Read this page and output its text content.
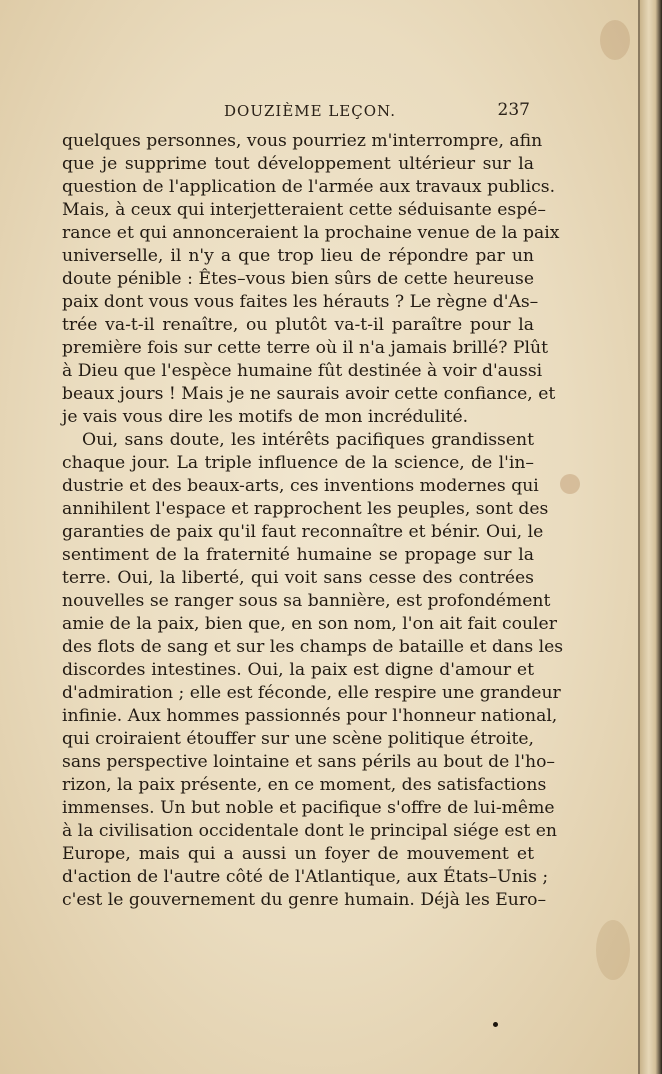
DOUZIÈME LEÇON.	237
quelques personnes, vous pourriez m'interrompre, afin
que je supprime tout développement ultérieur sur la
question de l'application de l'armée aux travaux publics.
Mais, à ceux qui interjetteraient cette séduisante espé–
rance et qui annonceraient la prochaine venue de la paix
universelle, il n'y a que trop lieu de répondre par un
doute pénible : Êtes–vous bien sûrs de cette heureuse
paix dont vous vous faites les hérauts ? Le règne d'As–
trée va-t-il renaître, ou plutôt va-t-il paraître pour la
première fois sur cette terre où il n'a jamais brillé? Plût
à Dieu que l'espèce humaine fût destinée à voir d'aussi
beaux jours ! Mais je ne saurais avoir cette confiance, et
je vais vous dire les motifs de mon incrédulité.
Oui, sans doute, les intérêts pacifiques grandissent
chaque jour. La triple influence de la science, de l'in–
dustrie et des beaux-arts, ces inventions modernes qui
annihilent l'espace et rapprochent les peuples, sont des
garanties de paix qu'il faut reconnaître et bénir. Oui, le
sentiment de la fraternité humaine se propage sur la
terre. Oui, la liberté, qui voit sans cesse des contrées
nouvelles se ranger sous sa bannière, est profondément
amie de la paix, bien que, en son nom, l'on ait fait couler
des flots de sang et sur les champs de bataille et dans les
discordes intestines. Oui, la paix est digne d'amour et
d'admiration ; elle est féconde, elle respire une grandeur
infinie. Aux hommes passionnés pour l'honneur national,
qui croiraient étouffer sur une scène politique étroite,
sans perspective lointaine et sans périls au bout de l'ho–
rizon, la paix présente, en ce moment, des satisfactions
immenses. Un but noble et pacifique s'offre de lui-même
à la civilisation occidentale dont le principal siége est en
Europe, mais qui a aussi un foyer de mouvement et
d'action de l'autre côté de l'Atlantique, aux États–Unis ;
c'est le gouvernement du genre humain. Déjà les Euro–
